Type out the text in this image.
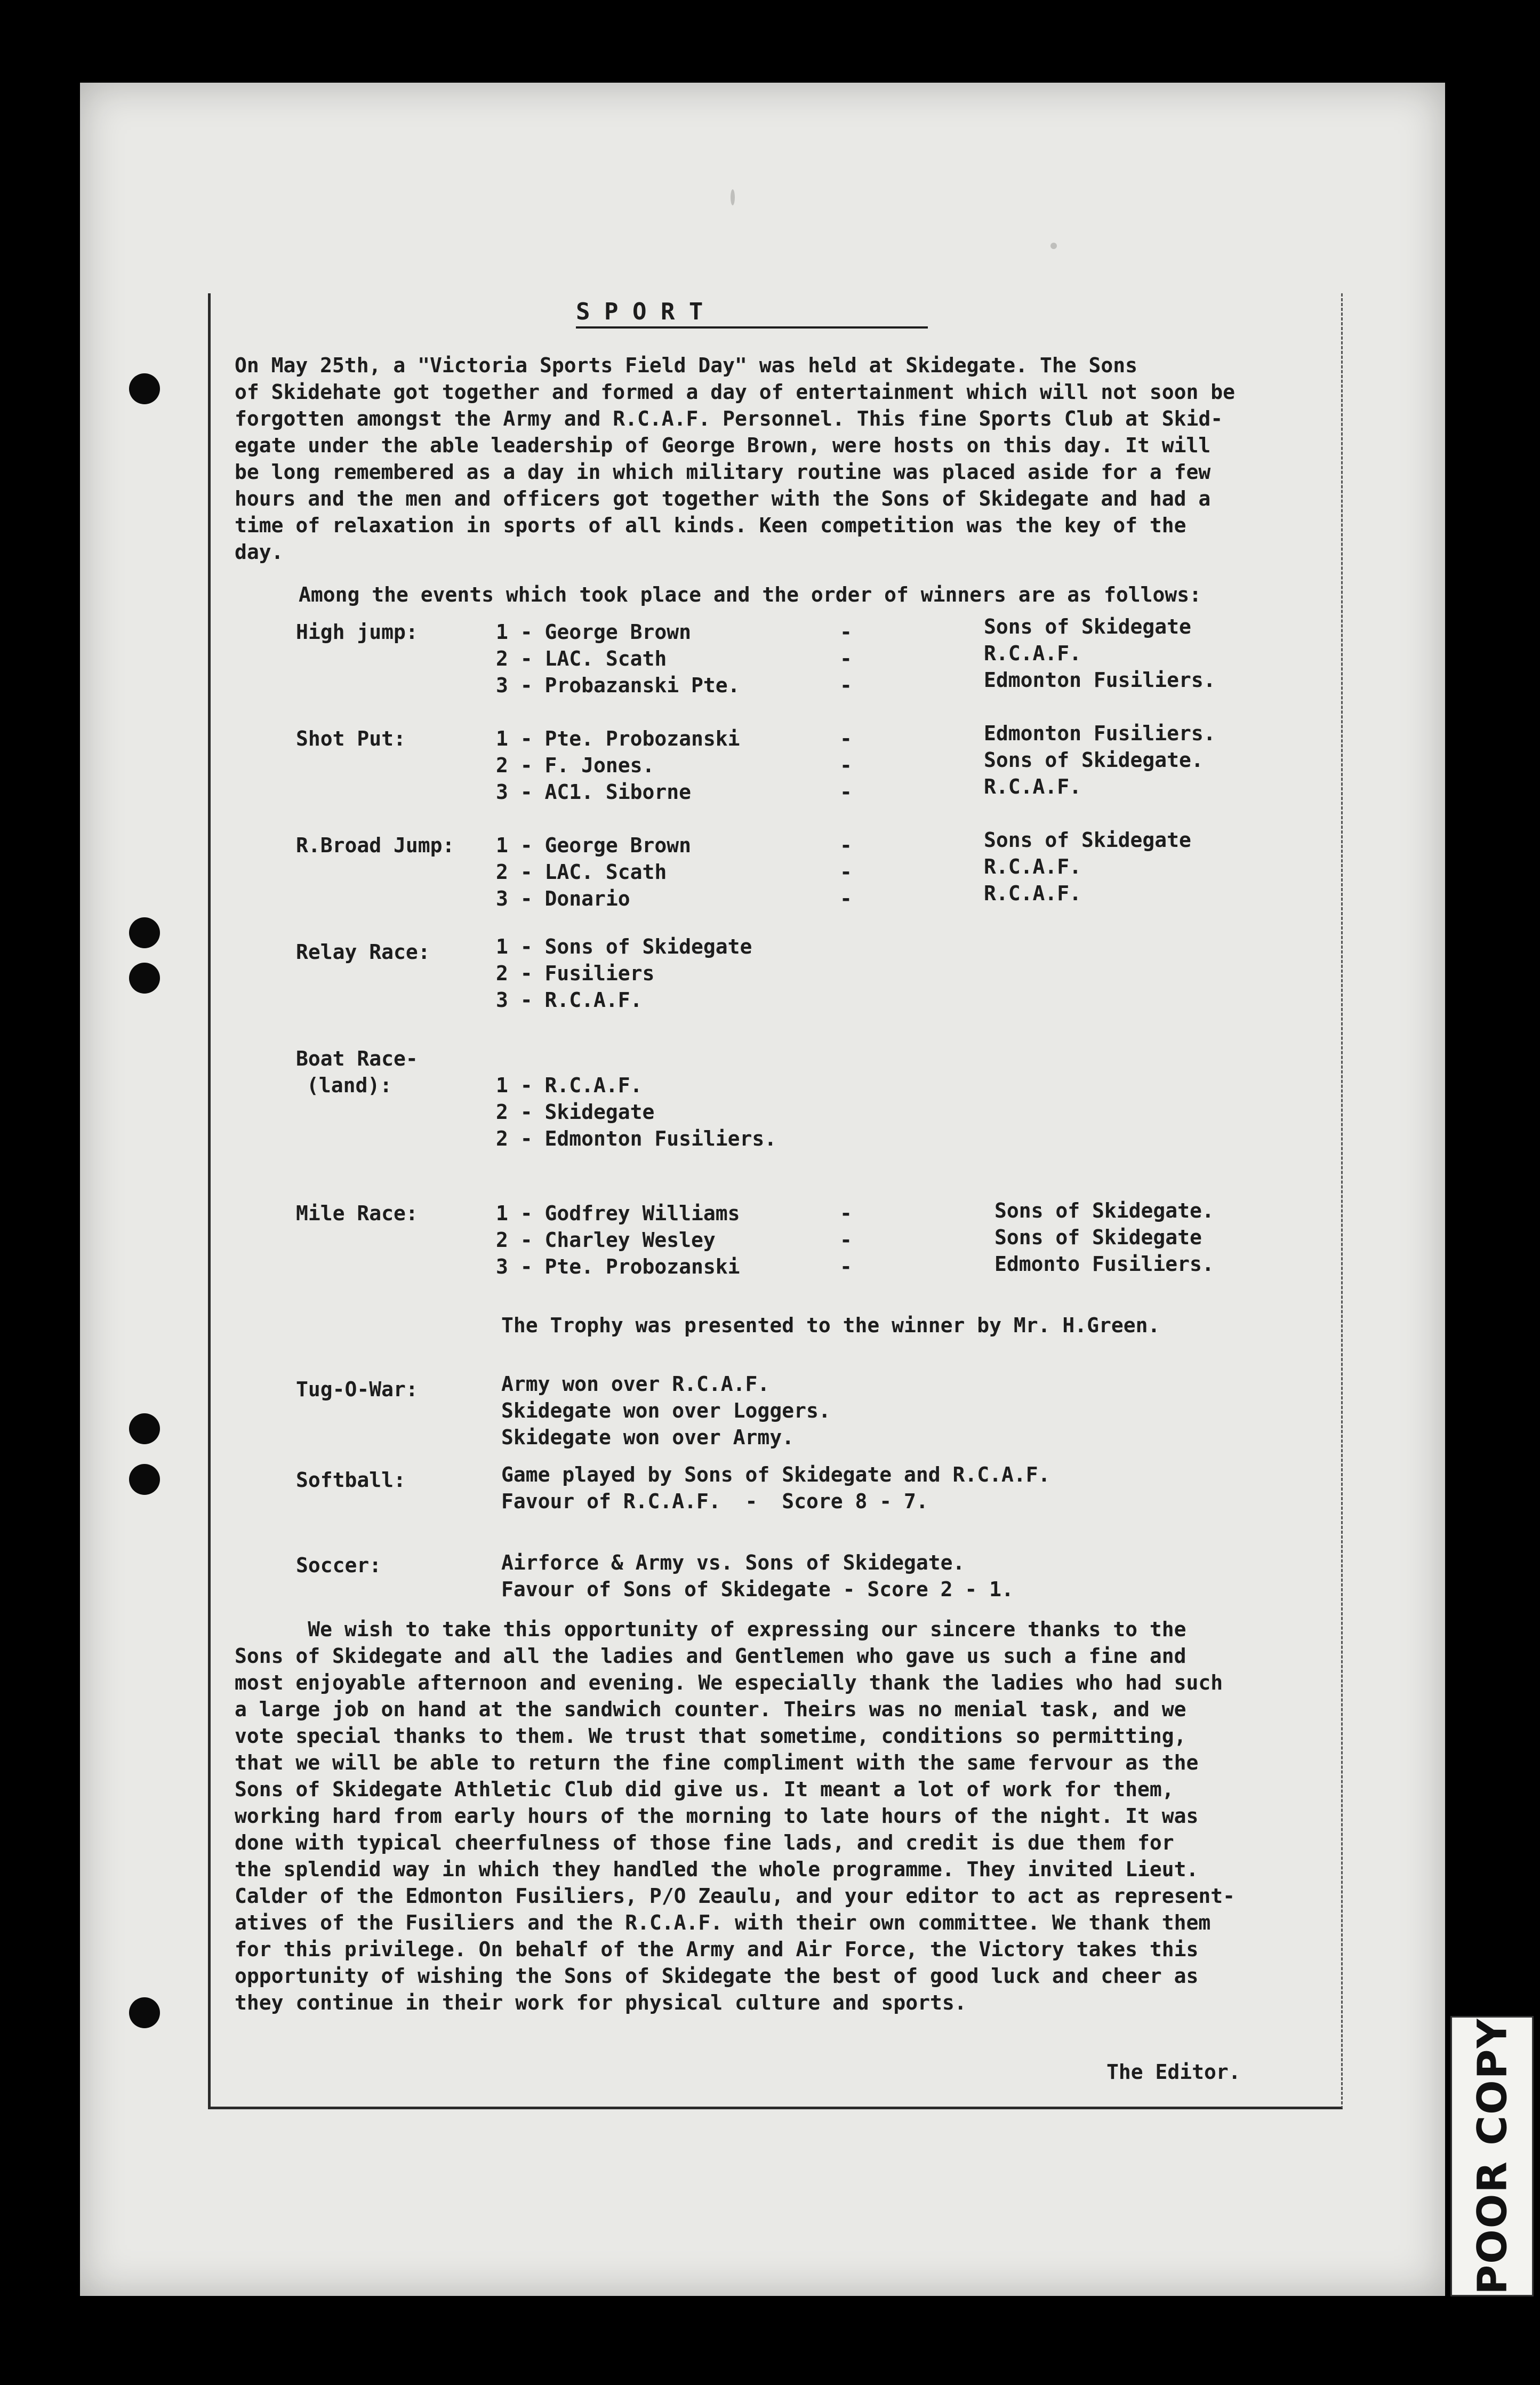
S P O R T
On May 25th, a "Victoria Sports Field Day" was held at Skidegate. The Sons
of Skidehate got together and formed a day of entertainment which will not soon be
forgotten amongst the Army and R.C.A.F. Personnel. This fine Sports Club at Skid-
egate under the able leadership of George Brown, were hosts on this day. It will
be long remembered as a day in which military routine was placed aside for a few
hours and the men and officers got together with the Sons of Skidegate and had a
time of relaxation in sports of all kinds. Keen competition was the key of the
day.
Among the events which took place and the order of winners are as follows:
High jump:	1 - George Brown	-	Sons of Skidegate
2 - LAC. Scath	-	R.C.A.F.
3 - Probazanski Pte.	-	Edmonton Fusiliers.
Shot Put:	1 - Pte. Probozanski	-	Edmonton Fusiliers.
2 - F. Jones.	-	Sons of Skidegate.
3 - AC1. Siborne	-	R.C.A.F.
R.Broad Jump: 1 - George Brown	-	Sons of Skidegate
2 - LAC. Scath	-	R.C.A.F.
3 - Donario	-	R.C.A.F.
Relay Race:	1 - Sons of Skidegate
2 - Fusiliers
3 - R.C.A.F.
Boat Race-
(land):	1 - R.C.A.F.
2 - Skidegate
2 - Edmonton Fusiliers.
Mile Race:	1 - Godfrey Williams	-	Sons of Skidegate.
2 - Charley Wesley	-	Sons of Skidegate
3 - Pte. Probozanski	-	Edmonto Fusiliers.
The Trophy was presented to the winner by Mr. H.Green.
Tug-O-War:	Army won over R.C.A.F.
Skidegate won over Loggers.
Skidegate won over Army.
Softball:	Game played by Sons of Skidegate and R.C.A.F.
Favour of R.C.A.F.  -  Score 8 - 7.
Soccer:	Airforce & Army vs. Sons of Skidegate.
Favour of Sons of Skidegate - Score 2 - 1.
We wish to take this opportunity of expressing our sincere thanks to the
Sons of Skidegate and all the ladies and Gentlemen who gave us such a fine and
most enjoyable afternoon and evening. We especially thank the ladies who had such
a large job on hand at the sandwich counter. Theirs was no menial task, and we
vote special thanks to them. We trust that sometime, conditions so permitting,
that we will be able to return the fine compliment with the same fervour as the
Sons of Skidegate Athletic Club did give us. It meant a lot of work for them,
working hard from early hours of the morning to late hours of the night. It was
done with typical cheerfulness of those fine lads, and credit is due them for
the splendid way in which they handled the whole programme. They invited Lieut.
Calder of the Edmonton Fusiliers, P/O Zeaulu, and your editor to act as represent-
atives of the Fusiliers and the R.C.A.F. with their own committee. We thank them
for this privilege. On behalf of the Army and Air Force, the Victory takes this
opportunity of wishing the Sons of Skidegate the best of good luck and cheer as
they continue in their work for physical culture and sports.
The Editor.	POOR COPY
